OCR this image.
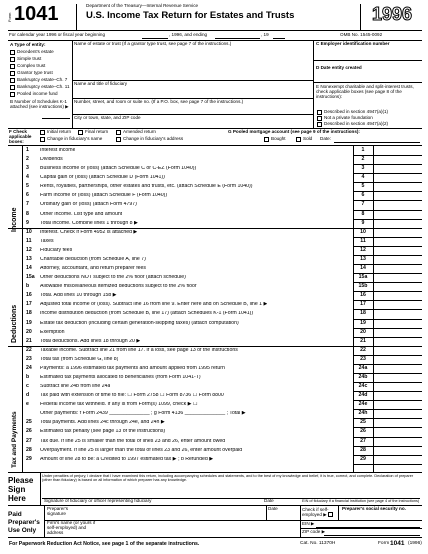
Form 1041	Department of the Treasury—Internal Revenue Service
U.S. Income Tax Return for Estates and Trusts	1996
For calendar year 1996 or fiscal year beginning	, 1996, and ending	, 19	OMB No. 1545-0092
A Type of entity:
Decedent's estate
Simple trust
Complex trust
Grantor type trust
Bankruptcy estate–Ch. 7
Bankruptcy estate–Ch. 11
Pooled income fund
B Number of Schedules K-1 attached (see instructions) ▶
Name of estate or trust (If a grantor type trust, see page 7 of the instructions.)
Name and title of fiduciary
Number, street, and room or suite no. (If a P.O. box, see page 7 of the instructions.)
City or town, state, and ZIP code
C Employer identification number
D Date entity created
E Nonexempt charitable and split-interest trusts, check applicable boxes (see page 8 of the instructions):
Described in section 4947(a)(1)
Not a private foundation
Described in section 4947(a)(2)
F Check applicable boxes:
Initial return	Final return	Amended return
Change in fiduciary's name	Change in fiduciary's address
G Pooled mortgage account (see page 9 of the instructions):
Bought	Sold Date:
1 Interest income	1
2 Dividends	2
3 Business income or (loss) (attach Schedule C or C-EZ (Form 1040))	3
4 Capital gain or (loss) (attach Schedule D (Form 1041))	4
5 Rents, royalties, partnerships, other estates and trusts, etc. (attach Schedule E (Form 1040))	5
6 Farm income or (loss) (attach Schedule F (Form 1040))	6
7 Ordinary gain or (loss) (attach Form 4797)	7
8 Other income. List type and amount	8
9 Total income. Combine lines 1 through 8 ▶	9
10 Interest. Check if Form 4952 is attached ▶	10
11 Taxes	11
12 Fiduciary fees	12
13 Charitable deduction (from Schedule A, line 7)	13
14 Attorney, accountant, and return preparer fees	14
15a Other deductions NOT subject to the 2% floor (attach schedule)	15a
b Allowable miscellaneous itemized deductions subject to the 2% floor	15b
16 Total. Add lines 10 through 15b ▶	16
17 Adjusted total income or (loss). Subtract line 16 from line 9. Enter here and on Schedule B, line 1 ▶	17
18 Income distribution deduction (from Schedule B, line 17) (attach Schedules K-1 (Form 1041))	18
19 Estate tax deduction (including certain generation-skipping taxes) (attach computation)	19
20 Exemption	20
21 Total deductions. Add lines 18 through 20 ▶	21
22 Taxable income. Subtract line 21 from line 17. If a loss, see page 13 of the instructions	22
23 Total tax (from Schedule G, line 8)	23
24 Payments: a 1996 estimated tax payments and amount applied from 1995 return	24a
b Estimated tax payments allocated to beneficiaries (from Form 1041-T)	24b
c Subtract line 24b from line 24a	24c
d Tax paid with extension of time to file: ☐ Form 2758 ☐ Form 8736 ☐ Form 8800	24d
e Federal income tax withheld. If any is from Form(s) 1099, check ▶ ☐	24e
Other payments: f Form 2439 ______________ ; g Form 4136 ______________ ; Total ▶	24h
25 Total payments. Add lines 24c through 24e, and 24h ▶	25
26 Estimated tax penalty (see page 13 of the instructions)	26
27 Tax due. If line 25 is smaller than the total of lines 23 and 26, enter amount owed	27
28 Overpayment. If line 25 is larger than the total of lines 23 and 26, enter amount overpaid	28
29 Amount of line 28 to be: a Credited to 1997 estimated tax ▶ ; b Refunded ▶	29
Income
Deductions
Tax and Payments
Please
Sign
Here
Under penalties of perjury, I declare that I have examined this return, including accompanying schedules and statements, and to the best of my knowledge and belief, it is true, correct, and complete. Declaration of preparer (other than fiduciary) is based on all information of which preparer has any knowledge.
Signature of fiduciary or officer representing fiduciary	Date	EIN of fiduciary if a financial institution (see page 4 of the instructions)
Paid
Preparer's
Use Only
Preparer's signature
Date	Check if self-employed ▶
Preparer's social security no.
Firm's name (or yours if self-employed) and address
EIN ▶
ZIP code ▶
For Paperwork Reduction Act Notice, see page 1 of the separate instructions.	Cat. No. 11370H	Form 1041 (1996)
